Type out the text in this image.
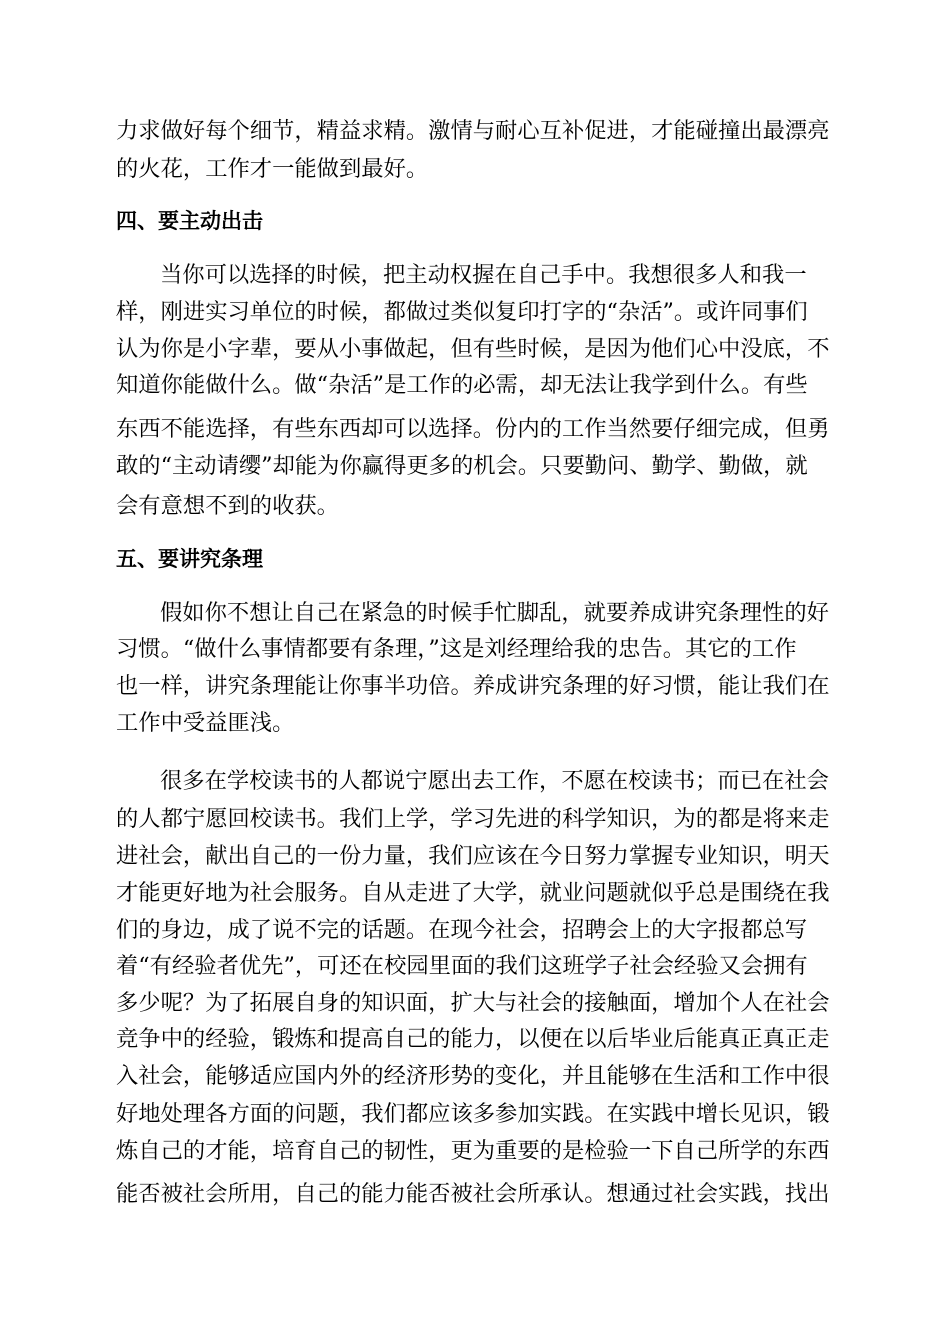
力求做好每个细节，精益求精。激情与耐心互补促进，才能碰撞出最漂亮
的火花，工作才一能做到最好。
四、要主动出击
当你可以选择的时候，把主动权握在自己手中。我想很多人和我一
样，刚进实习单位的时候，都做过类似复印打字的“杂活”。或许同事们
认为你是小字辈，要从小事做起，但有些时候，是因为他们心中没底，不
知道你能做什么。做“杂活”是工作的必需，却无法让我学到什么。有些
东西不能选择，有些东西却可以选择。份内的工作当然要仔细完成，但勇
敢的“主动请缨”却能为你赢得更多的机会。只要勤问、勤学、勤做，就
会有意想不到的收获。
五、要讲究条理
假如你不想让自己在紧急的时候手忙脚乱，就要养成讲究条理性的好
习惯。“做什么事情都要有条理，”这是刘经理给我的忠告。其它的工作
也一样，讲究条理能让你事半功倍。养成讲究条理的好习惯，能让我们在
工作中受益匪浅。
很多在学校读书的人都说宁愿出去工作，不愿在校读书；而已在社会
的人都宁愿回校读书。我们上学，学习先进的科学知识，为的都是将来走
进社会，献出自己的一份力量，我们应该在今日努力掌握专业知识，明天
才能更好地为社会服务。自从走进了大学，就业问题就似乎总是围绕在我
们的身边，成了说不完的话题。在现今社会，招聘会上的大字报都总写
着“有经验者优先”，可还在校园里面的我们这班学子社会经验又会拥有
多少呢？为了拓展自身的知识面，扩大与社会的接触面，增加个人在社会
竞争中的经验，锻炼和提高自己的能力，以便在以后毕业后能真正真正走
入社会，能够适应国内外的经济形势的变化，并且能够在生活和工作中很
好地处理各方面的问题，我们都应该多参加实践。在实践中增长见识，锻
炼自己的才能，培育自己的韧性，更为重要的是检验一下自己所学的东西
能否被社会所用，自己的能力能否被社会所承认。想通过社会实践，找出
